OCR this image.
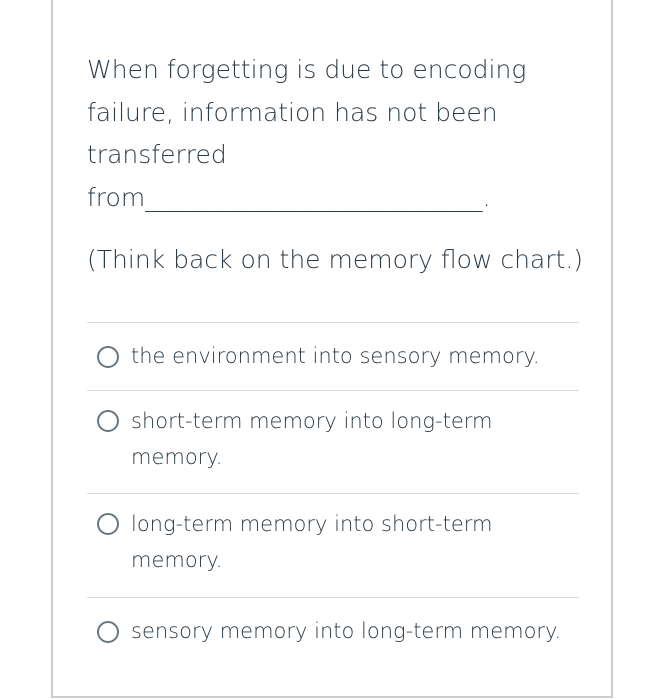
When forgetting is due to encoding
failure, information has not been
transferred
from___________________________.
(Think back on the memory flow chart.)
the environment into sensory memory.
short-term memory into long-term memory.
long-term memory into short-term memory.
sensory memory into long-term memory.
